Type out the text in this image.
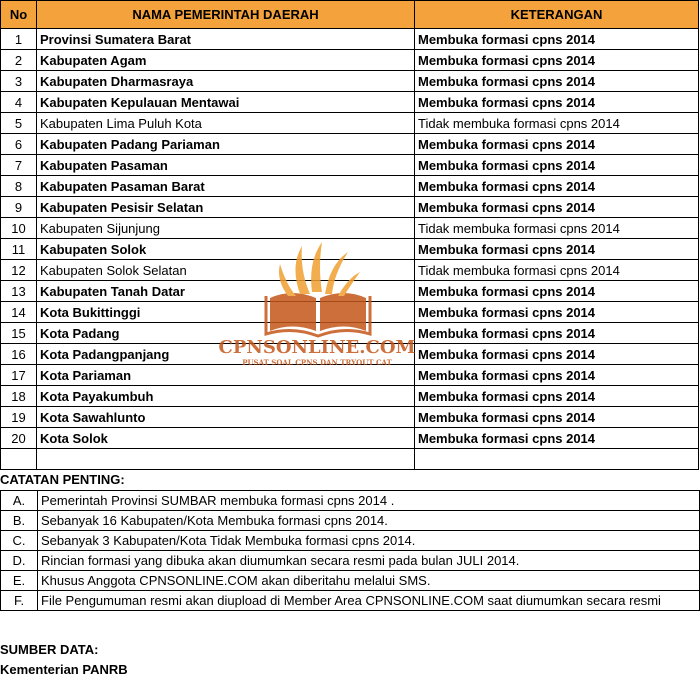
No	NAMA PEMERINTAH DAERAH	KETERANGAN
1	Provinsi Sumatera Barat	Membuka formasi cpns 2014
2	Kabupaten Agam	Membuka formasi cpns 2014
3	Kabupaten Dharmasraya	Membuka formasi cpns 2014
4	Kabupaten Kepulauan Mentawai	Membuka formasi cpns 2014
5	Kabupaten Lima Puluh Kota	Tidak membuka formasi cpns 2014
6	Kabupaten Padang Pariaman	Membuka formasi cpns 2014
7	Kabupaten Pasaman	Membuka formasi cpns 2014
8	Kabupaten Pasaman Barat	Membuka formasi cpns 2014
9	Kabupaten Pesisir Selatan	Membuka formasi cpns 2014
10	Kabupaten Sijunjung	Tidak membuka formasi cpns 2014
11	Kabupaten Solok	Membuka formasi cpns 2014
12	Kabupaten Solok Selatan	Tidak membuka formasi cpns 2014
13	Kabupaten Tanah Datar	Membuka formasi cpns 2014
14	Kota Bukittinggi	Membuka formasi cpns 2014
15	Kota Padang	Membuka formasi cpns 2014
16	Kota Padangpanjang	Membuka formasi cpns 2014
17	Kota Pariaman	Membuka formasi cpns 2014
18	Kota Payakumbuh	Membuka formasi cpns 2014
19	Kota Sawahlunto	Membuka formasi cpns 2014
20	Kota Solok	Membuka formasi cpns 2014

CPNSONLINE.COM
PUSAT SOAL CPNS DAN TRYOUT CAT
CATATAN PENTING:
A.	Pemerintah Provinsi SUMBAR membuka formasi cpns 2014 .
B.	Sebanyak 16 Kabupaten/Kota Membuka formasi cpns 2014.
C.	Sebanyak 3 Kabupaten/Kota Tidak Membuka formasi cpns 2014.
D.	Rincian formasi yang dibuka akan diumumkan secara resmi pada bulan JULI 2014.
E.	Khusus Anggota CPNSONLINE.COM akan diberitahu melalui SMS.
F.	File Pengumuman resmi akan diupload di Member Area CPNSONLINE.COM saat diumumkan secara resmi
SUMBER DATA:
Kementerian PANRB
